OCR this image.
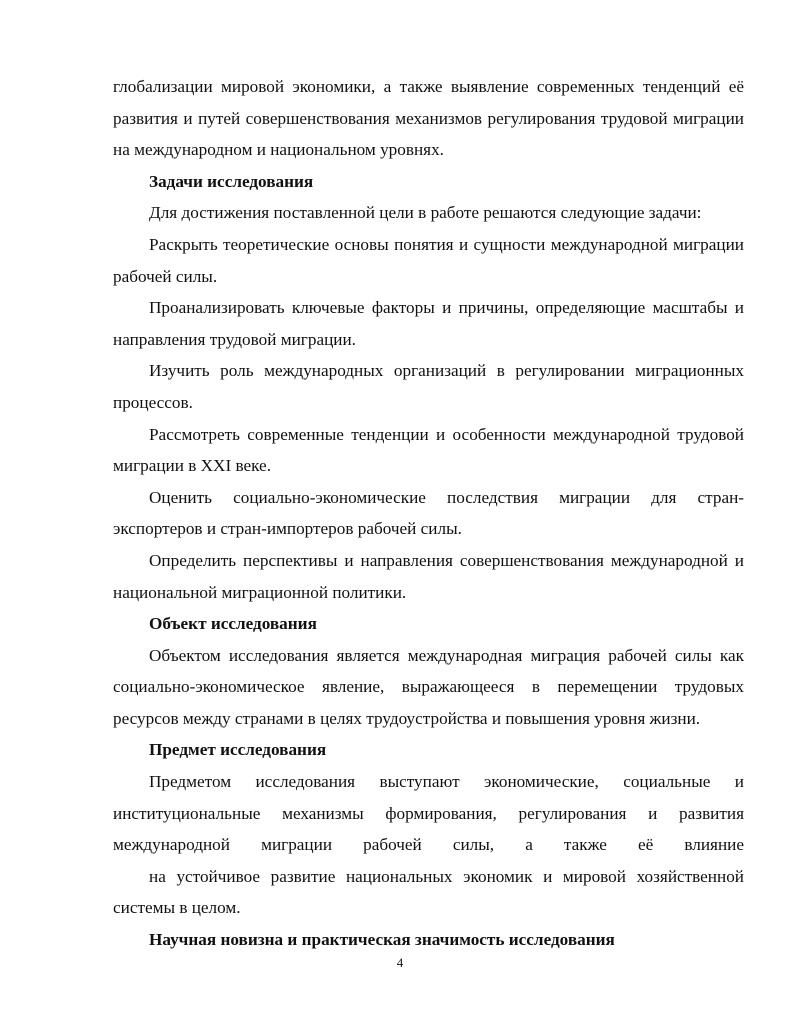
глобализации мировой экономики, а также выявление современных тенденций её развития и путей совершенствования механизмов регулирования трудовой миграции на международном и национальном уровнях.

Задачи исследования

Для достижения поставленной цели в работе решаются следующие задачи:

Раскрыть теоретические основы понятия и сущности международной миграции рабочей силы.

Проанализировать ключевые факторы и причины, определяющие масштабы и направления трудовой миграции.

Изучить роль международных организаций в регулировании миграционных процессов.

Рассмотреть современные тенденции и особенности международной трудовой миграции в XXI веке.

Оценить социально-экономические последствия миграции для стран-экспортеров и стран-импортеров рабочей силы.

Определить перспективы и направления совершенствования международной и национальной миграционной политики.

Объект исследования

Объектом исследования является международная миграция рабочей силы как социально-экономическое явление, выражающееся в перемещении трудовых ресурсов между странами в целях трудоустройства и повышения уровня жизни.

Предмет исследования

Предметом исследования выступают экономические, социальные и институциональные механизмы формирования, регулирования и развития международной миграции рабочей силы, а также её влияние

на устойчивое развитие национальных экономик и мировой хозяйственной системы в целом.

Научная новизна и практическая значимость исследования

4
